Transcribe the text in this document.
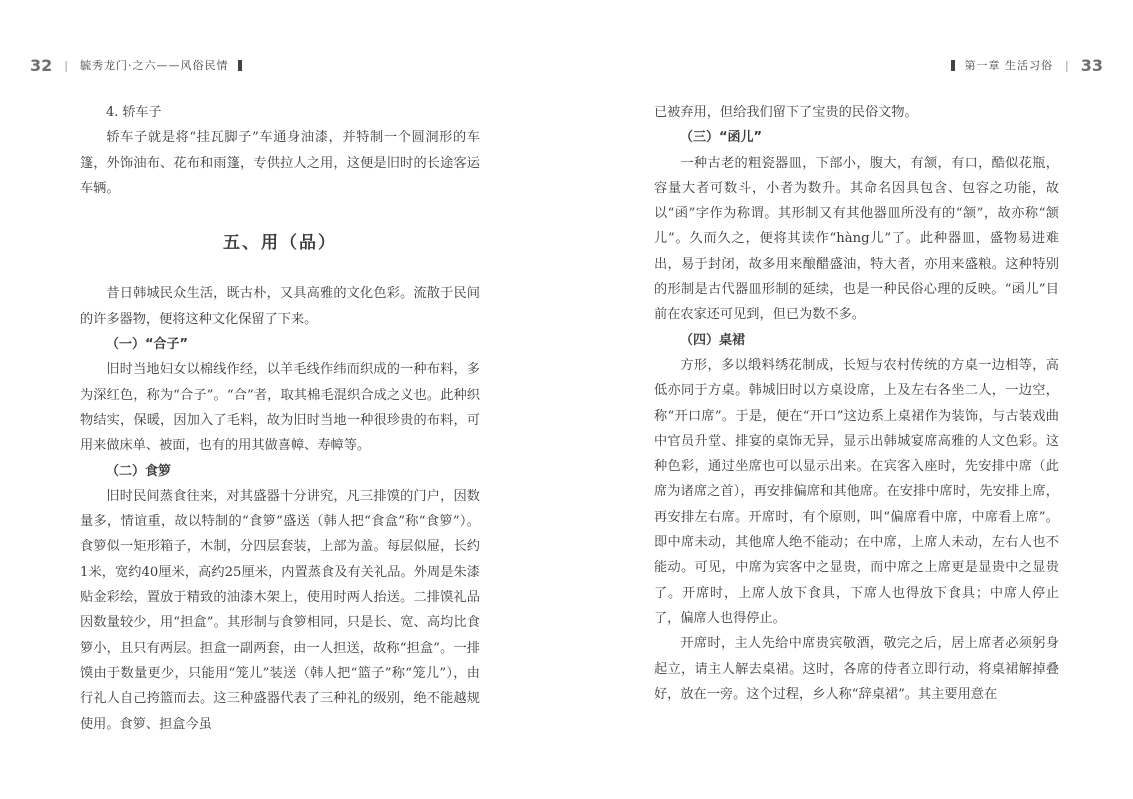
32 | 毓秀龙门·之六——风俗民情

4. 轿车子

轿车子就是将“挂瓦脚子”车通身油漆，并特制一个圆洞形的车篷，外饰油布、花布和雨篷，专供拉人之用，这便是旧时的长途客运车辆。

五、用（品）

昔日韩城民众生活，既古朴，又具高雅的文化色彩。流散于民间的许多器物，便将这种文化保留了下来。

（一）“合子”

旧时当地妇女以棉线作经，以羊毛线作纬而织成的一种布料，多为深红色，称为“合子”。“合”者，取其棉毛混织合成之义也。此种织物结实，保暖，因加入了毛料，故为旧时当地一种很珍贵的布料，可用来做床单、被面，也有的用其做喜幛、寿幛等。

（二）食箩

旧时民间蒸食往来，对其盛器十分讲究，凡三排馍的门户，因数量多，情谊重，故以特制的“食箩”盛送（韩人把“食盒”称“食箩”）。食箩似一矩形箱子，木制，分四层套装，上部为盖。每层似屉，长约1米，宽约40厘米，高约25厘米，内置蒸食及有关礼品。外周是朱漆贴金彩绘，置放于精致的油漆木架上，使用时两人抬送。二排馍礼品因数量较少，用“担盒”。其形制与食箩相同，只是长、宽、高均比食箩小，且只有两层。担盒一副两套，由一人担送，故称“担盒”。一排馍由于数量更少，只能用“笼儿”装送（韩人把“篮子”称“笼儿”），由行礼人自己挎篮而去。这三种盛器代表了三种礼的级别，绝不能越规使用。食箩、担盒今虽

第一章 生活习俗 | 33

已被弃用，但给我们留下了宝贵的民俗文物。

（三）“函儿”

一种古老的粗瓷器皿，下部小，腹大，有颔，有口，酷似花瓶，容量大者可数斗，小者为数升。其命名因具包含、包容之功能，故以“函”字作为称谓。其形制又有其他器皿所没有的“颔”，故亦称“颔儿”。久而久之，便将其读作“hàng儿”了。此种器皿，盛物易进难出，易于封闭，故多用来酿醋盛油，特大者，亦用来盛粮。这种特别的形制是古代器皿形制的延续，也是一种民俗心理的反映。“函儿”目前在农家还可见到，但已为数不多。

（四）桌裙

方形，多以缎料绣花制成，长短与农村传统的方桌一边相等，高低亦同于方桌。韩城旧时以方桌设席，上及左右各坐二人，一边空，称“开口席”。于是，便在“开口”这边系上桌裙作为装饰，与古装戏曲中官员升堂、排宴的桌饰无异，显示出韩城宴席高雅的人文色彩。这种色彩，通过坐席也可以显示出来。在宾客入座时，先安排中席（此席为诸席之首），再安排偏席和其他席。在安排中席时，先安排上席，再安排左右席。开席时，有个原则，叫“偏席看中席，中席看上席”。即中席未动，其他席人绝不能动；在中席，上席人未动，左右人也不能动。可见，中席为宾客中之显贵，而中席之上席更是显贵中之显贵了。开席时，上席人放下食具，下席人也得放下食具；中席人停止了，偏席人也得停止。

开席时，主人先给中席贵宾敬酒，敬完之后，居上席者必须躬身起立，请主人解去桌裙。这时，各席的侍者立即行动，将桌裙解掉叠好，放在一旁。这个过程，乡人称“辞桌裙”。其主要用意在
